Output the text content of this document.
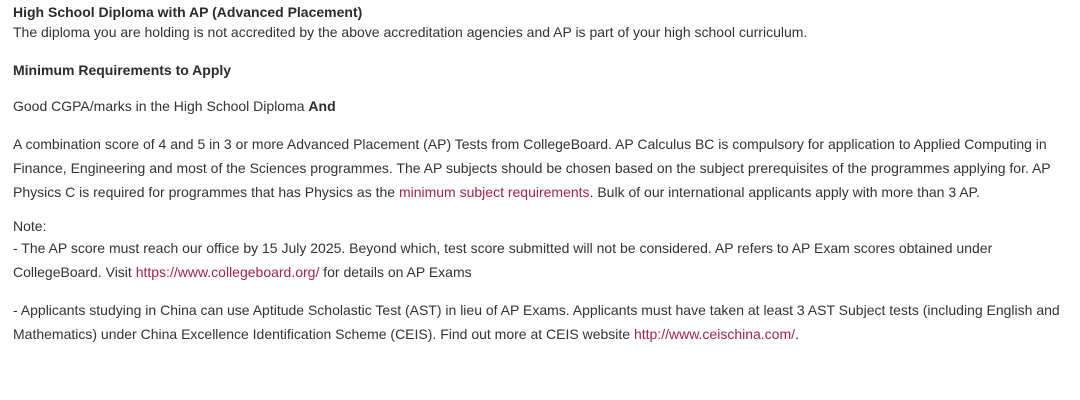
High School Diploma with AP (Advanced Placement)
The diploma you are holding is not accredited by the above accreditation agencies and AP is part of your high school curriculum.
Minimum Requirements to Apply
Good CGPA/marks in the High School Diploma And
A combination score of 4 and 5 in 3 or more Advanced Placement (AP) Tests from CollegeBoard. AP Calculus BC is compulsory for application to Applied Computing in Finance, Engineering and most of the Sciences programmes. The AP subjects should be chosen based on the subject prerequisites of the programmes applying for. AP Physics C is required for programmes that has Physics as the minimum subject requirements. Bulk of our international applicants apply with more than 3 AP.
Note:
- The AP score must reach our office by 15 July 2025. Beyond which, test score submitted will not be considered. AP refers to AP Exam scores obtained under CollegeBoard. Visit https://www.collegeboard.org/ for details on AP Exams
- Applicants studying in China can use Aptitude Scholastic Test (AST) in lieu of AP Exams. Applicants must have taken at least 3 AST Subject tests (including English and Mathematics) under China Excellence Identification Scheme (CEIS). Find out more at CEIS website http://www.ceischina.com/.
